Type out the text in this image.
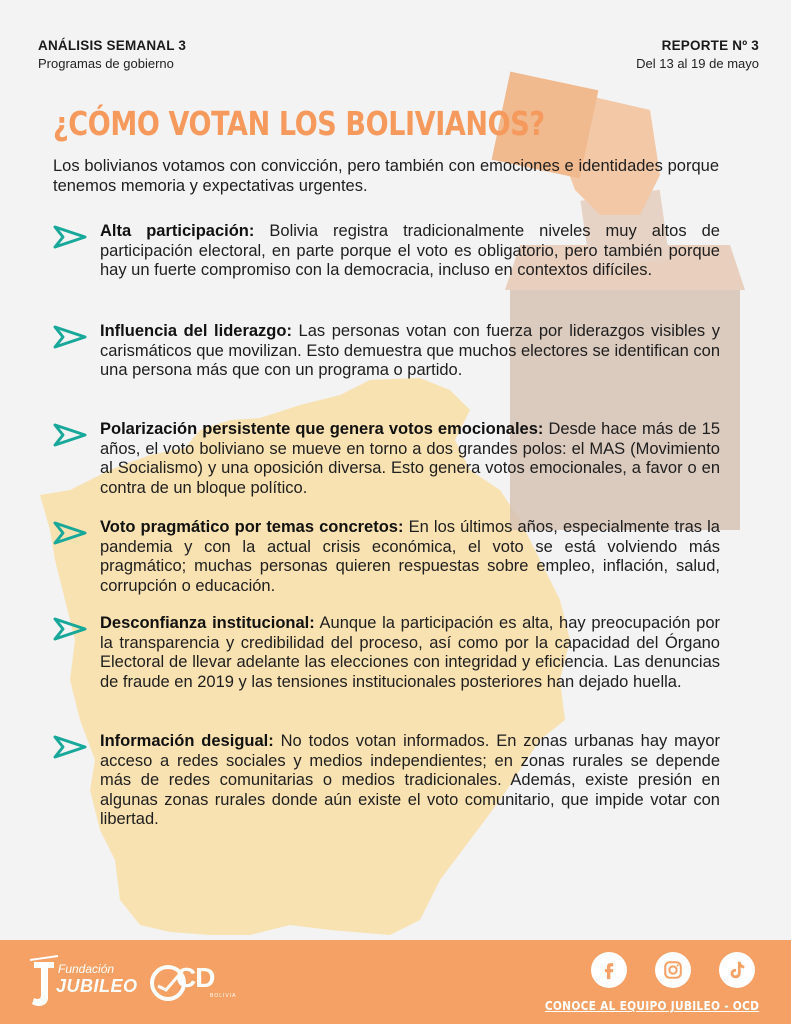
ANÁLISIS SEMANAL 3
Programas de gobierno
REPORTE Nº 3
Del 13 al 19 de mayo
¿CÓMO VOTAN LOS BOLIVIANOS?

Los bolivianos votamos con convicción, pero también con emociones e identidades porque tenemos memoria y expectativas urgentes.

Alta participación: Bolivia registra tradicionalmente niveles muy altos de participación electoral, en parte porque el voto es obligatorio, pero también porque hay un fuerte compromiso con la democracia, incluso en contextos difíciles.

Influencia del liderazgo: Las personas votan con fuerza por liderazgos visibles y carismáticos que movilizan. Esto demuestra que muchos electores se identifican con una persona más que con un programa o partido.

Polarización persistente que genera votos emocionales: Desde hace más de 15 años, el voto boliviano se mueve en torno a dos grandes polos: el MAS (Movimiento al Socialismo) y una oposición diversa. Esto genera votos emocionales, a favor o en contra de un bloque político.

Voto pragmático por temas concretos: En los últimos años, especialmente tras la pandemia y con la actual crisis económica, el voto se está volviendo más pragmático; muchas personas quieren respuestas sobre empleo, inflación, salud, corrupción o educación.

Desconfianza institucional: Aunque la participación es alta, hay preocupación por la transparencia y credibilidad del proceso, así como por la capacidad del Órgano Electoral de llevar adelante las elecciones con integridad y eficiencia. Las denuncias de fraude en 2019 y las tensiones institucionales posteriores han dejado huella.

Información desigual: No todos votan informados. En zonas urbanas hay mayor acceso a redes sociales y medios independientes; en zonas rurales se depende más de redes comunitarias o medios tradicionales. Además, existe presión en algunas zonas rurales donde aún existe el voto comunitario, que impide votar con libertad.

Fundación
JUBILEO CD
BOLIVIA
CONOCE AL EQUIPO JUBILEO - OCD
